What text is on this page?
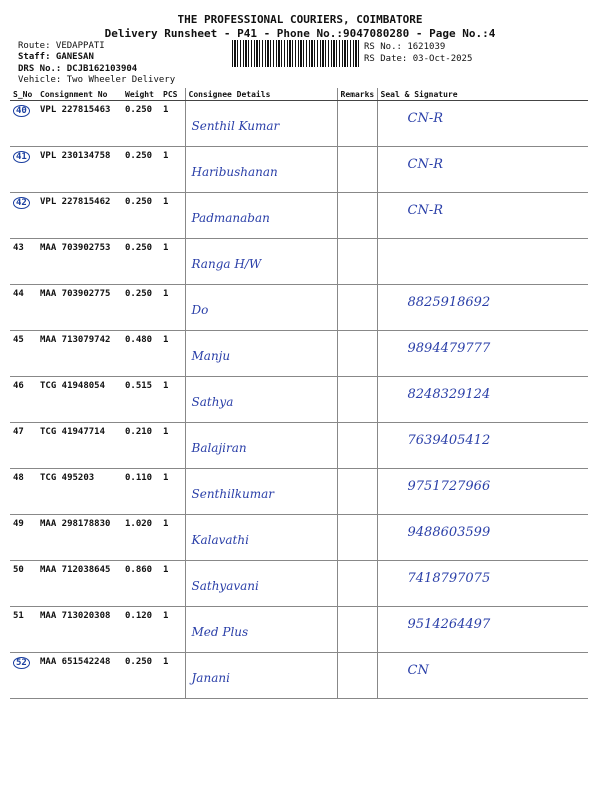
THE PROFESSIONAL COURIERS, COIMBATORE
Delivery Runsheet - P41 - Phone No.:9047080280 - Page No.:4
Route: VEDAPPATI
Staff: GANESAN
DRS No.: DCJB162103904
Vehicle: Two Wheeler Delivery
RS No.: 1621039
RS Date: 03-Oct-2025
S_No	Consignment No	Weight	PCS	Consignee Details	Remarks	Seal & Signature
40	VPL 227815463	0.250	1	Senthil Kumar		CN-R

41	VPL 230134758	0.250	1	Haribushanan		CN-R

42	VPL 227815462	0.250	1	Padmanaban		CN-R

43	MAA 703902753	0.250	1	Ranga H/W		

44	MAA 703902775	0.250	1	Do		8825918692

45	MAA 713079742	0.480	1	Manju		9894479777

46	TCG 41948054	0.515	1	Sathya		8248329124

47	TCG 41947714	0.210	1	Balajiran		7639405412

48	TCG 495203	0.110	1	Senthilkumar		9751727966

49	MAA 298178830	1.020	1	Kalavathi		9488603599

50	MAA 712038645	0.860	1	Sathyavani		7418797075

51	MAA 713020308	0.120	1	Med Plus		9514264497

52	MAA 651542248	0.250	1	Janani		CN
